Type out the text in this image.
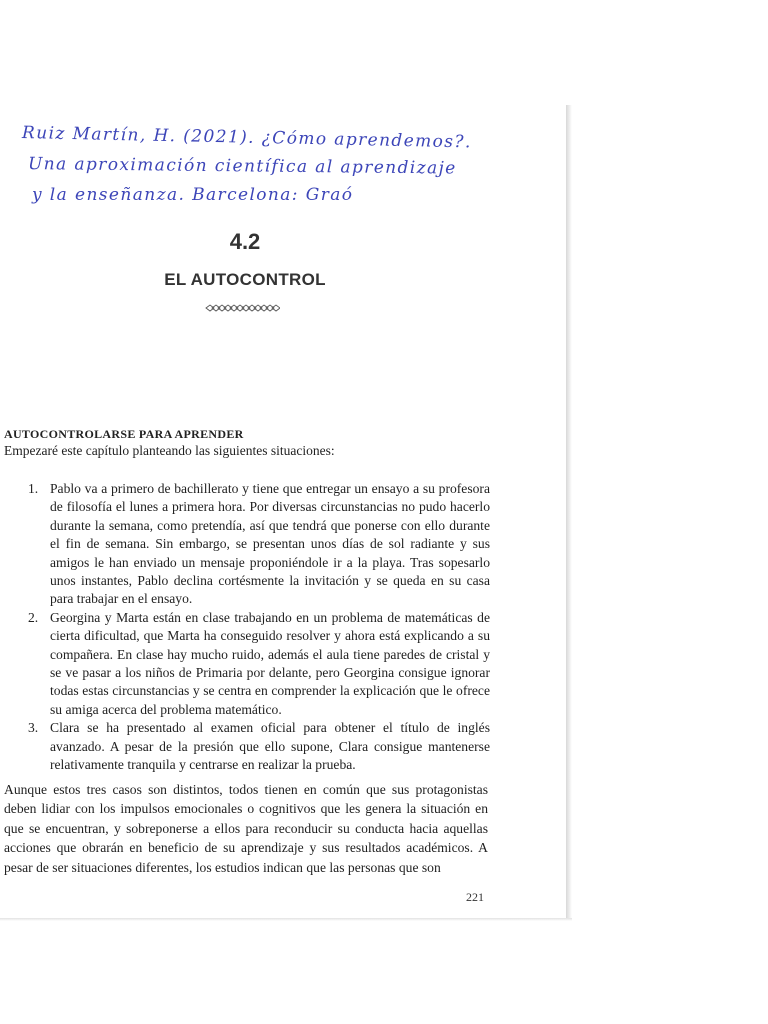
Ruiz Martín, H. (2021). ¿Cómo aprendemos?.
Una aproximación científica al aprendizaje
y la enseñanza. Barcelona: Graó
4.2
EL AUTOCONTROL
AUTOCONTROLARSE PARA APRENDER
Empezaré este capítulo planteando las siguientes situaciones:
1. Pablo va a primero de bachillerato y tiene que entregar un ensayo a su profesora de filosofía el lunes a primera hora. Por diversas circunstancias no pudo hacerlo durante la semana, como pretendía, así que tendrá que ponerse con ello durante el fin de semana. Sin embargo, se presentan unos días de sol radiante y sus amigos le han enviado un mensaje proponiéndole ir a la playa. Tras sopesarlo unos instantes, Pablo declina cortésmente la invitación y se queda en su casa para trabajar en el ensayo.
2. Georgina y Marta están en clase trabajando en un problema de matemáticas de cierta dificultad, que Marta ha conseguido resolver y ahora está explicando a su compañera. En clase hay mucho ruido, además el aula tiene paredes de cristal y se ve pasar a los niños de Primaria por delante, pero Georgina consigue ignorar todas estas circunstancias y se centra en comprender la explicación que le ofrece su amiga acerca del problema matemático.
3. Clara se ha presentado al examen oficial para obtener el título de inglés avanzado. A pesar de la presión que ello supone, Clara consigue mantenerse relativamente tranquila y centrarse en realizar la prueba.

Aunque estos tres casos son distintos, todos tienen en común que sus protagonistas deben lidiar con los impulsos emocionales o cognitivos que les genera la situación en que se encuentran, y sobreponerse a ellos para reconducir su conducta hacia aquellas acciones que obrarán en beneficio de su aprendizaje y sus resultados académicos. A pesar de ser situaciones diferentes, los estudios indican que las personas que son

221
